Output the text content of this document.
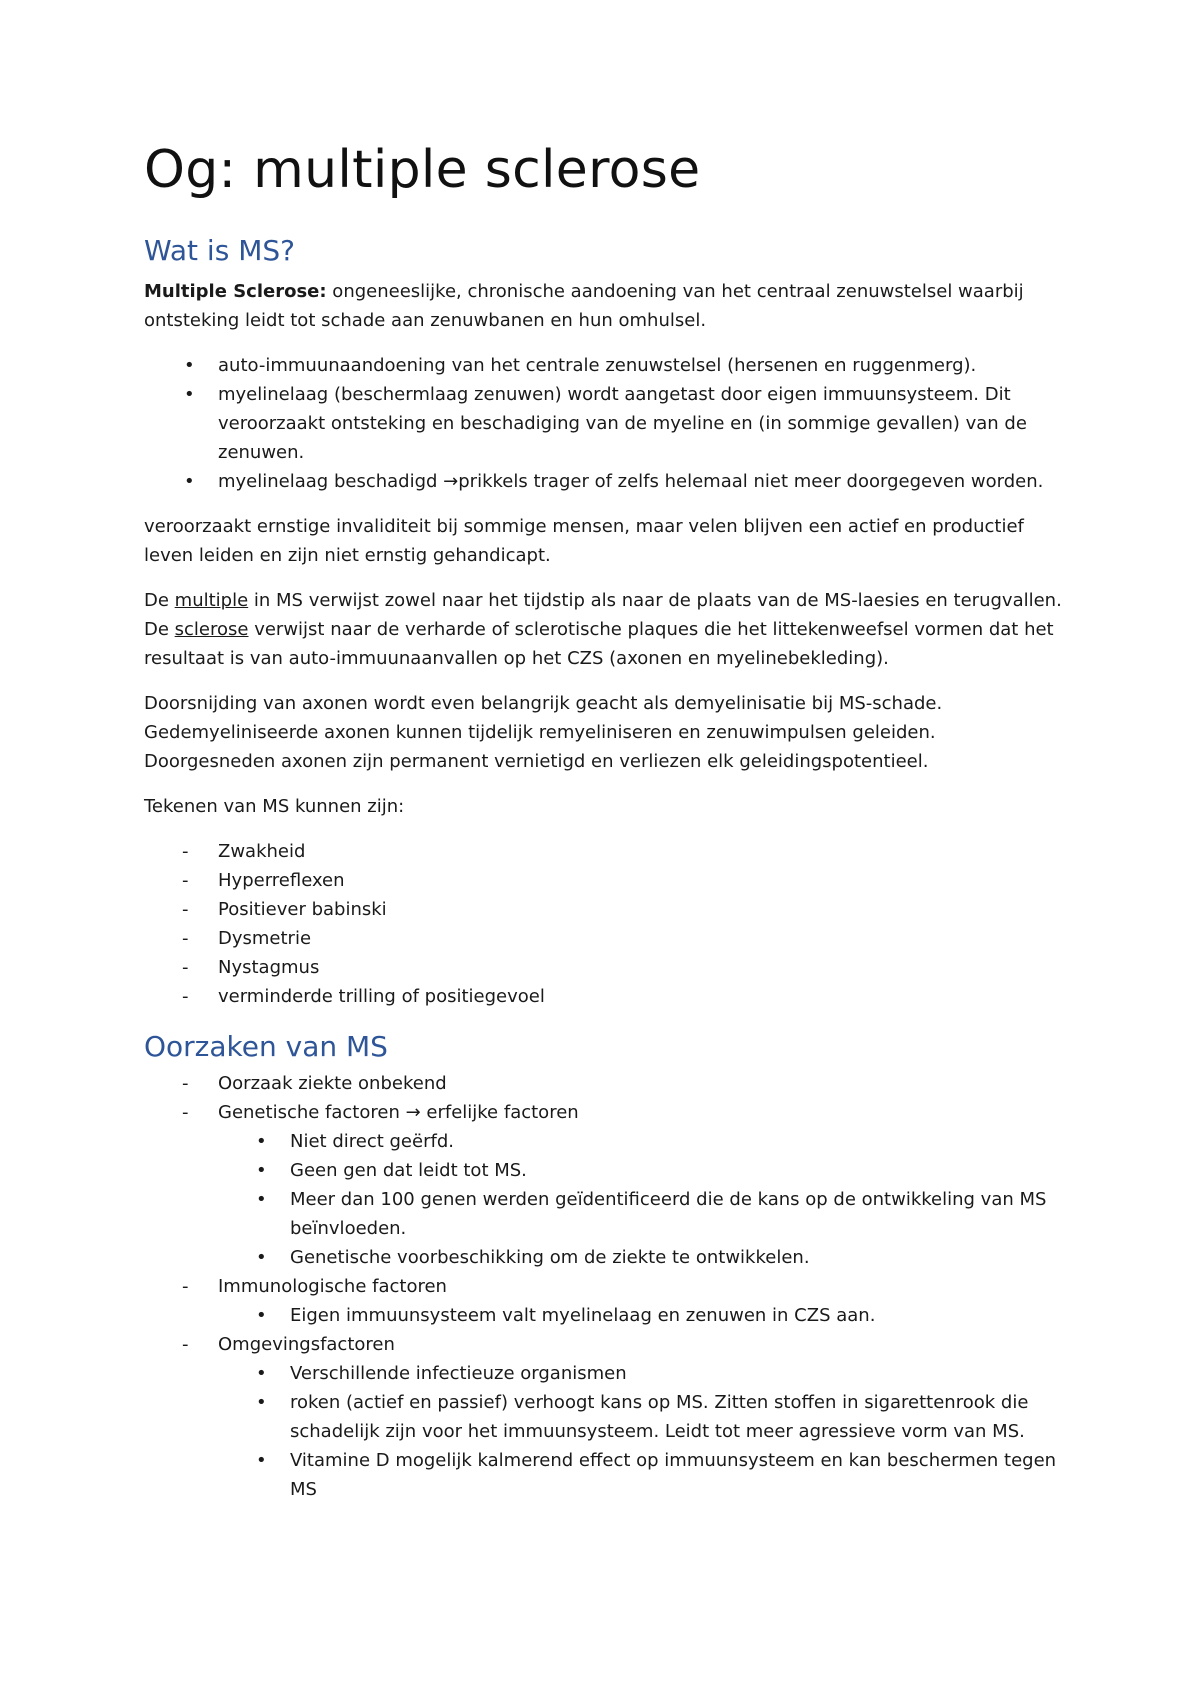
Og: multiple sclerose
Wat is MS?

Multiple Sclerose: ongeneeslijke, chronische aandoening van het centraal zenuwstelsel waarbij

ontsteking leidt tot schade aan zenuwbanen en hun omhulsel.

• auto-immuunaandoening van het centrale zenuwstelsel (hersenen en ruggenmerg).

• myelinelaag (beschermlaag zenuwen) wordt aangetast door eigen immuunsysteem. Dit

veroorzaakt ontsteking en beschadiging van de myeline en (in sommige gevallen) van de

zenuwen.

• myelinelaag beschadigd →prikkels trager of zelfs helemaal niet meer doorgegeven worden.

veroorzaakt ernstige invaliditeit bij sommige mensen, maar velen blijven een actief en productief

leven leiden en zijn niet ernstig gehandicapt.

De multiple in MS verwijst zowel naar het tijdstip als naar de plaats van de MS-laesies en terugvallen.

De sclerose verwijst naar de verharde of sclerotische plaques die het littekenweefsel vormen dat het

resultaat is van auto-immuunaanvallen op het CZS (axonen en myelinebekleding).

Doorsnijding van axonen wordt even belangrijk geacht als demyelinisatie bij MS-schade.

Gedemyeliniseerde axonen kunnen tijdelijk remyeliniseren en zenuwimpulsen geleiden.

Doorgesneden axonen zijn permanent vernietigd en verliezen elk geleidingspotentieel.

Tekenen van MS kunnen zijn:

- Zwakheid

- Hyperreflexen

- Positiever babinski

- Dysmetrie

- Nystagmus

- verminderde trilling of positiegevoel

Oorzaken van MS
- Oorzaak ziekte onbekend

- Genetische factoren → erfelijke factoren

• Niet direct geërfd.

• Geen gen dat leidt tot MS.

• Meer dan 100 genen werden geïdentificeerd die de kans op de ontwikkeling van MS

beïnvloeden.

• Genetische voorbeschikking om de ziekte te ontwikkelen.

- Immunologische factoren

• Eigen immuunsysteem valt myelinelaag en zenuwen in CZS aan.

- Omgevingsfactoren

• Verschillende infectieuze organismen

• roken (actief en passief) verhoogt kans op MS. Zitten stoffen in sigarettenrook die

schadelijk zijn voor het immuunsysteem. Leidt tot meer agressieve vorm van MS.

• Vitamine D mogelijk kalmerend effect op immuunsysteem en kan beschermen tegen

MS
